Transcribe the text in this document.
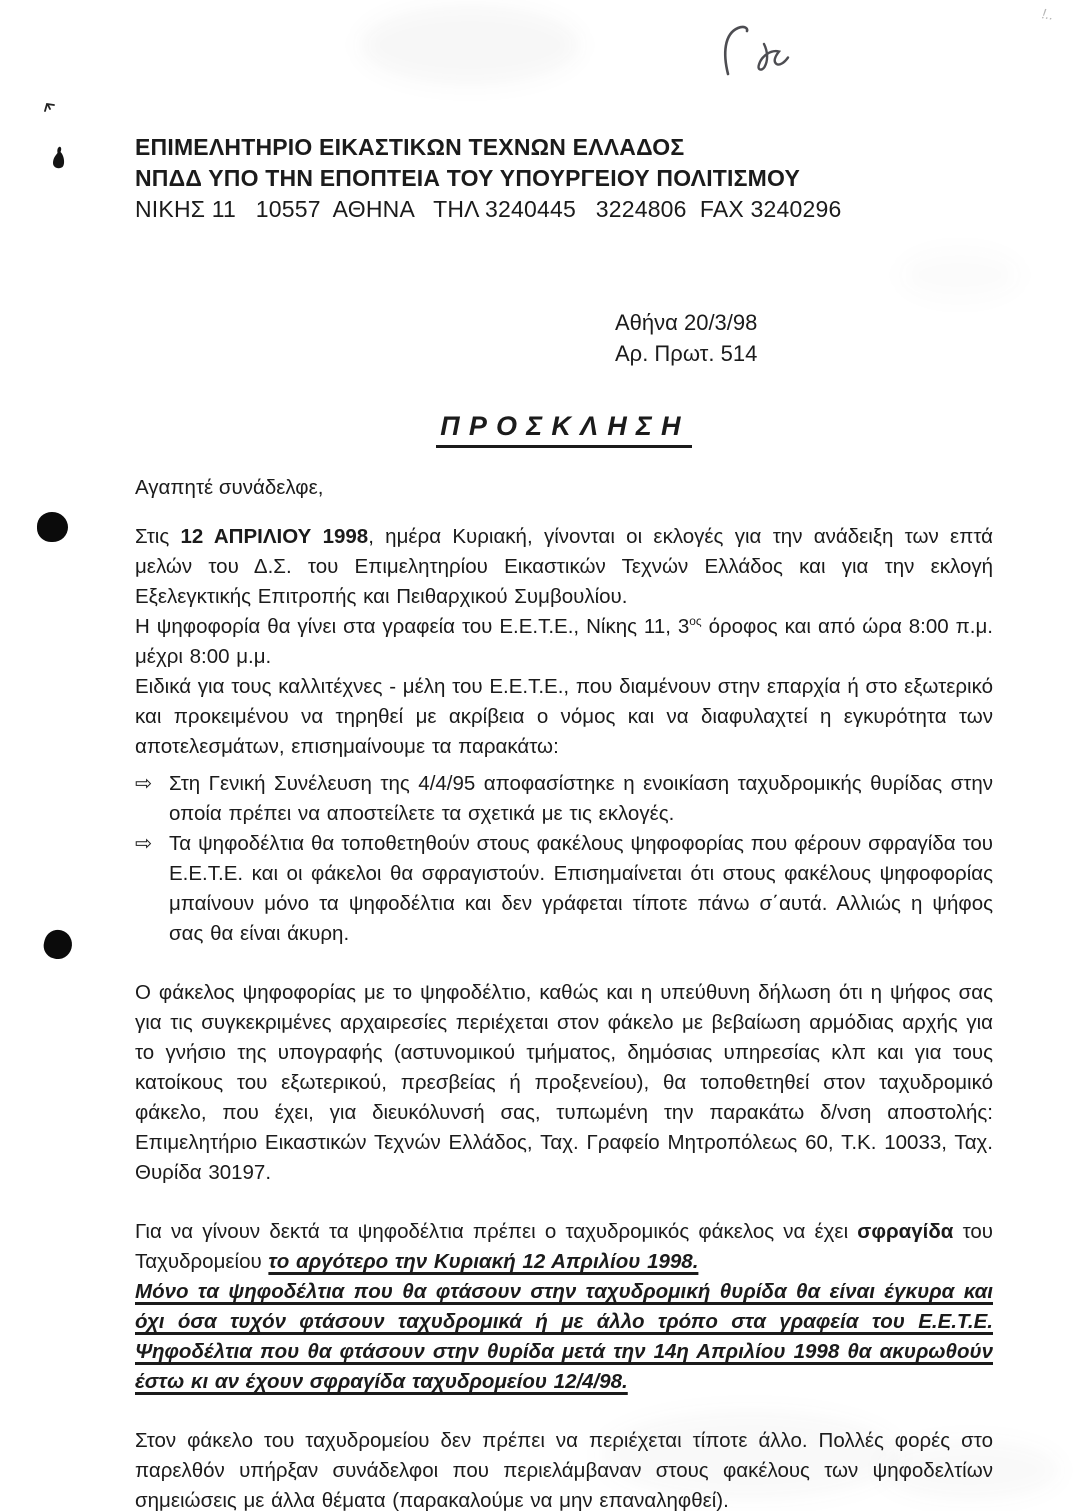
!..
ΕΠΙΜΕΛΗΤΗΡΙΟ ΕΙΚΑΣΤΙΚΩΝ ΤΕΧΝΩΝ ΕΛΛΑΔΟΣ
ΝΠΔΔ ΥΠΟ ΤΗΝ ΕΠΟΠΤΕΙΑ ΤΟΥ ΥΠΟΥΡΓΕΙΟΥ ΠΟΛΙΤΙΣΜΟΥ
ΝΙΚΗΣ 11   10557  ΑΘΗΝΑ   ΤΗΛ 3240445   3224806  FAX 3240296
Αθήνα 20/3/98
Αρ. Πρωτ. 514
ΠΡΟΣΚΛΗΣΗ
Αγαπητέ συνάδελφε,

Στις 12 ΑΠΡΙΛΙΟΥ 1998, ημέρα Κυριακή, γίνονται οι εκλογές για την ανάδειξη των επτά μελών του Δ.Σ. του Επιμελητηρίου Εικαστικών Τεχνών Ελλάδος και για την εκλογή Εξελεγκτικής Επιτροπής και Πειθαρχικού Συμβουλίου.

Η ψηφοφορία θα γίνει στα γραφεία του Ε.Ε.Τ.Ε., Νίκης 11, $3^{o\varsigma}$ όροφος και από ώρα 8:00 π.μ. μέχρι 8:00 μ.μ.

Ειδικά για τους καλλιτέχνες - μέλη του Ε.Ε.Τ.Ε., που διαμένουν στην επαρχία ή στο εξωτερικό και προκειμένου να τηρηθεί με ακρίβεια ο νόμος και να διαφυλαχτεί η εγκυρότητα των αποτελεσμάτων, επισημαίνουμε τα παρακάτω:

⇨ Στη Γενική Συνέλευση της 4/4/95 αποφασίστηκε η ενοικίαση ταχυδρομικής θυρίδας στην οποία πρέπει να αποστείλετε τα σχετικά με τις εκλογές.

⇨ Τα ψηφοδέλτια θα τοποθετηθούν στους φακέλους ψηφοφορίας που φέρουν σφραγίδα του Ε.Ε.Τ.Ε. και οι φάκελοι θα σφραγιστούν. Επισημαίνεται ότι στους φακέλους ψηφοφορίας μπαίνουν μόνο τα ψηφοδέλτια και δεν γράφεται τίποτε πάνω σ΄αυτά. Αλλιώς η ψήφος σας θα είναι άκυρη.

Ο φάκελος ψηφοφορίας με το ψηφοδέλτιο, καθώς και η υπεύθυνη δήλωση ότι η ψήφος σας για τις συγκεκριμένες αρχαιρεσίες περιέχεται στον φάκελο με βεβαίωση αρμόδιας αρχής για το γνήσιο της υπογραφής (αστυνομικού τμήματος, δημόσιας υπηρεσίας κλπ και για τους κατοίκους του εξωτερικού, πρεσβείας ή προξενείου), θα τοποθετηθεί στον ταχυδρομικό φάκελο, που έχει, για διευκόλυνσή σας, τυπωμένη την παρακάτω δ/νση αποστολής: Επιμελητήριο Εικαστικών Τεχνών Ελλάδος, Ταχ. Γραφείο Μητροπόλεως 60, Τ.Κ. 10033, Ταχ. Θυρίδα 30197.

Για να γίνουν δεκτά τα ψηφοδέλτια πρέπει ο ταχυδρομικός φάκελος να έχει σφραγίδα του Ταχυδρομείου το αργότερο την Κυριακή 12 Απριλίου 1998.

Μόνο τα ψηφοδέλτια που θα φτάσουν στην ταχυδρομική θυρίδα θα είναι έγκυρα και όχι όσα τυχόν φτάσουν ταχυδρομικά ή με άλλο τρόπο στα γραφεία του Ε.Ε.Τ.Ε. Ψηφοδέλτια που θα φτάσουν στην θυρίδα μετά την 14η Απριλίου 1998 θα ακυρωθούν έστω κι αν έχουν σφραγίδα ταχυδρομείου 12/4/98.

Στον φάκελο του ταχυδρομείου δεν πρέπει να περιέχεται τίποτε άλλο. Πολλές φορές στο παρελθόν υπήρξαν συνάδελφοι που περιελάμβαναν στους φακέλους των ψηφοδελτίων σημειώσεις με άλλα θέματα (παρακαλούμε να μην επαναληφθεί).
